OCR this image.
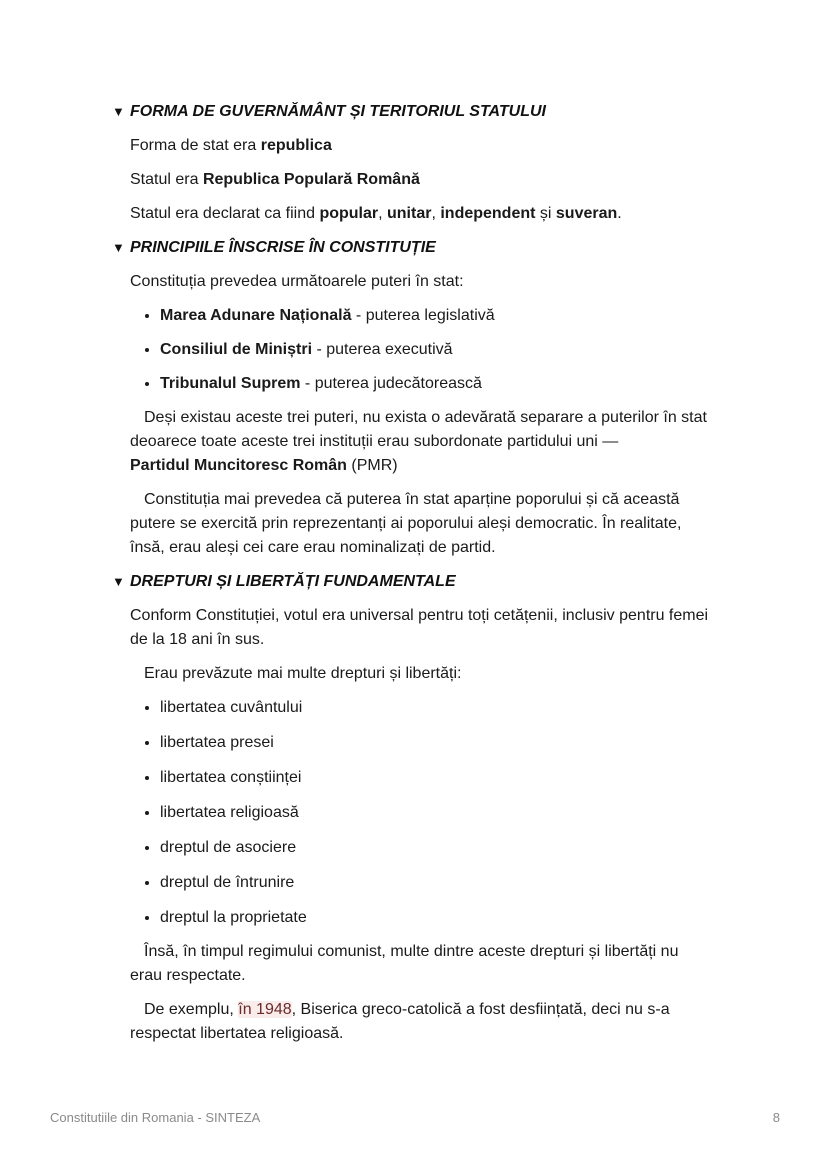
▼ FORMA DE GUVERNĂMÂNT ȘI TERITORIUL STATULUI

Forma de stat era republica

Statul era Republica Populară Română

Statul era declarat ca fiind popular, unitar, independent și suveran.

▼ PRINCIPIILE ÎNSCRISE ÎN CONSTITUȚIE

Constituția prevedea următoarele puteri în stat:

• Marea Adunare Națională - puterea legislativă
• Consiliul de Miniștri - puterea executivă
• Tribunalul Suprem - puterea judecătorească

Deși existau aceste trei puteri, nu exista o adevărată separare a puterilor în stat deoarece toate aceste trei instituții erau subordonate partidului uni —
Partidul Muncitoresc Român (PMR)

Constituția mai prevedea că puterea în stat aparține poporului și că această putere se exercită prin reprezentanți ai poporului aleși democratic. În realitate, însă, erau aleși cei care erau nominalizați de partid.

▼ DREPTURI ȘI LIBERTĂȚI FUNDAMENTALE

Conform Constituției, votul era universal pentru toți cetățenii, inclusiv pentru femei de la 18 ani în sus.

Erau prevăzute mai multe drepturi și libertăți:

• libertatea cuvântului
• libertatea presei
• libertatea conștiinței
• libertatea religioasă
• dreptul de asociere
• dreptul de întrunire
• dreptul la proprietate

Însă, în timpul regimului comunist, multe dintre aceste drepturi și libertăți nu erau respectate.

De exemplu, în 1948, Biserica greco-catolică a fost desființată, deci nu s-a respectat libertatea religioasă.

Constitutiile din Romania - SINTEZA	8
